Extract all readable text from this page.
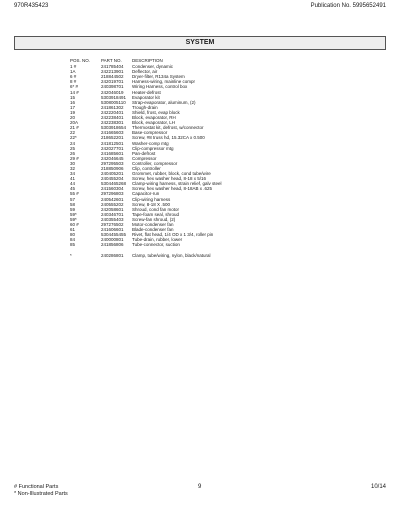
970R435423	Publication No. 5995652491
SYSTEM
POS. NO.	PART NO.	DESCRIPTION
1 #	241785404	Condenser, dynamic
1A	242213901	Deflector, air
6 #	218844502	Dryer-filter, R134a System
8 #	242019701	Harness-wiring, mainline compr
6* #	240398701	Wiring Harness, control box
14 #	242046019	Heater-defrost
15	5303918491	Evaporator kit
16	5308005110	Strap-evaporator, aluminum, (2)
17	241861302	Trough-drain
19	242220401	Shield, frost, evap block
20	242238401	Block, evaporator, RH
20A	242238301	Block, evaporator, LH
21 #	5303918654	Thermostat kit, defrost, w/connector
22	241665603	Base-compressor
22*	218652201	Screw, #8 truss hd, 15.32CA x 0.500
24	241812501	Washer-comp mtg
25	242027701	Clip-compressor mtg
26	241685601	Pan-defrost
29 #	242046645	Compressor
30	297295503	Controller, compressor
32	218850906	Clip, controller
34	240405201	Grommet, rubber, block, cond tube/wire
41	240455204	Screw, hex washer head, 8-18 x 5/16
44	5304465268	Clamp-wiring harness, strain relief, galv steel
45	241560304	Screw, hex washer head, 8-18AB x .625
55 #	297296803	Capacitor-run
57	240542601	Clip-wiring harness
58	240555202	Screw, 8-18 X .500
59	242058601	Shroud, cond fan motor
59*	240346701	Tape-foam seal, shroud
59*	240355403	Screw-fan shroud, (2)
60 #	297276502	Motor-condenser fan
61	241606601	Blade-condenser fan
80	5304455455	Rivet, flat head, 1/4 OD x 1 3/4, roller pin
84	240000801	Tube-drain, rubber, lower
85	241856806	Tube-connector, suction
*	240286801	Clamp, tube/wiring, nylon, black/natural
# Functional Parts
* Non-Illustrated Parts
9	10/14
